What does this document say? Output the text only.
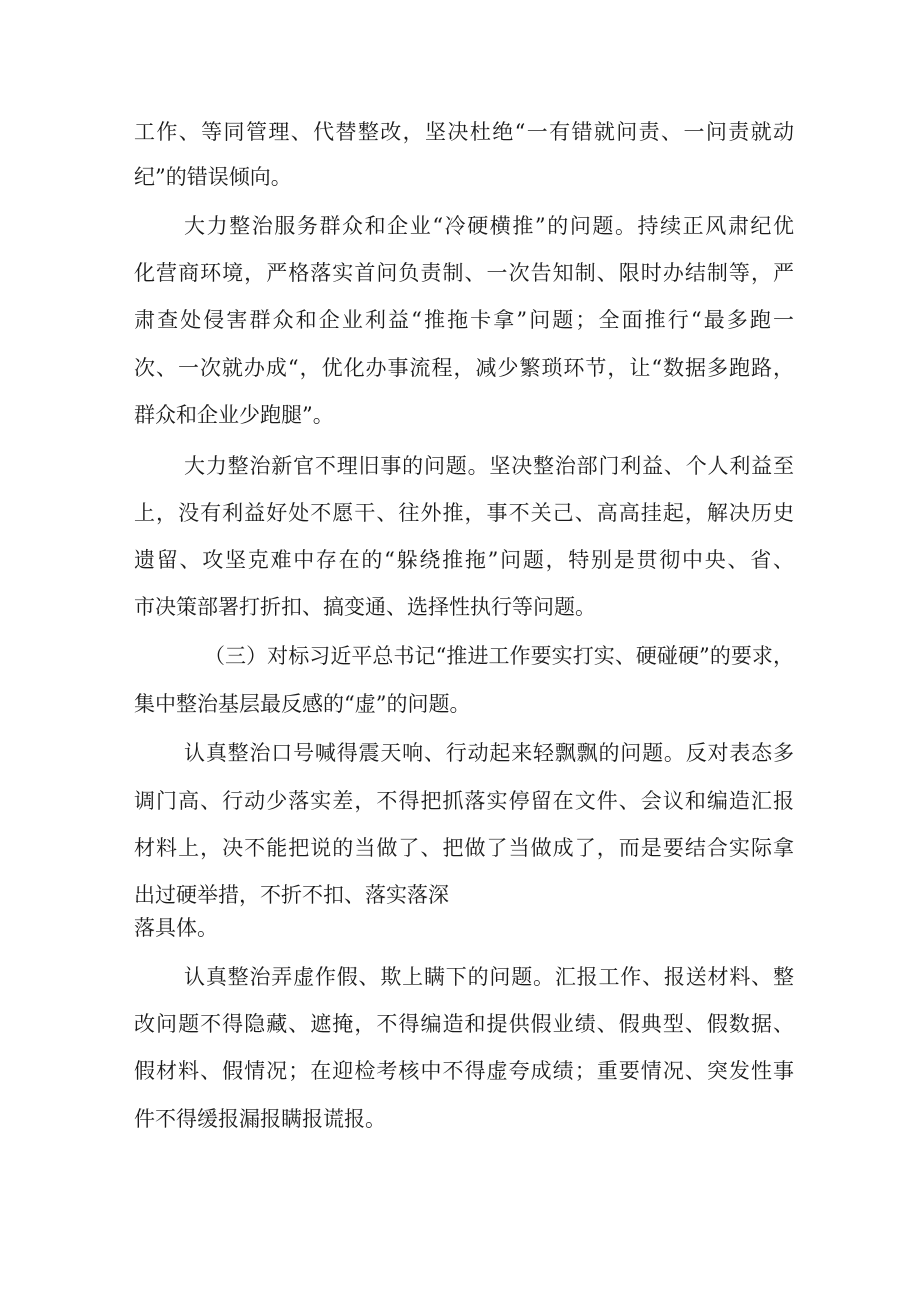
工作、等同管理、代替整改，坚决杜绝“一有错就问责、一问责就动
纪”的错误倾向。
大力整治服务群众和企业“冷硬横推”的问题。持续正风肃纪优
化营商环境，严格落实首问负责制、一次告知制、限时办结制等，严
肃查处侵害群众和企业利益“推拖卡拿”问题；全面推行“最多跑一
次、一次就办成“，优化办事流程，减少繁琐环节，让“数据多跑路，
群众和企业少跑腿”。
大力整治新官不理旧事的问题。坚决整治部门利益、个人利益至
上，没有利益好处不愿干、往外推，事不关己、高高挂起，解决历史
遗留、攻坚克难中存在的“躲绕推拖”问题，特别是贯彻中央、省、
市决策部署打折扣、搞变通、选择性执行等问题。
（三）对标习近平总书记“推进工作要实打实、硬碰硬”的要求，
集中整治基层最反感的“虚”的问题。
认真整治口号喊得震天响、行动起来轻飘飘的问题。反对表态多
调门高、行动少落实差，不得把抓落实停留在文件、会议和编造汇报
材料上，决不能把说的当做了、把做了当做成了，而是要结合实际拿
出过硬举措，不折不扣、落实落深
落具体。
认真整治弄虚作假、欺上瞒下的问题。汇报工作、报送材料、整
改问题不得隐藏、遮掩，不得编造和提供假业绩、假典型、假数据、
假材料、假情况；在迎检考核中不得虚夸成绩；重要情况、突发性事
件不得缓报漏报瞒报谎报。
